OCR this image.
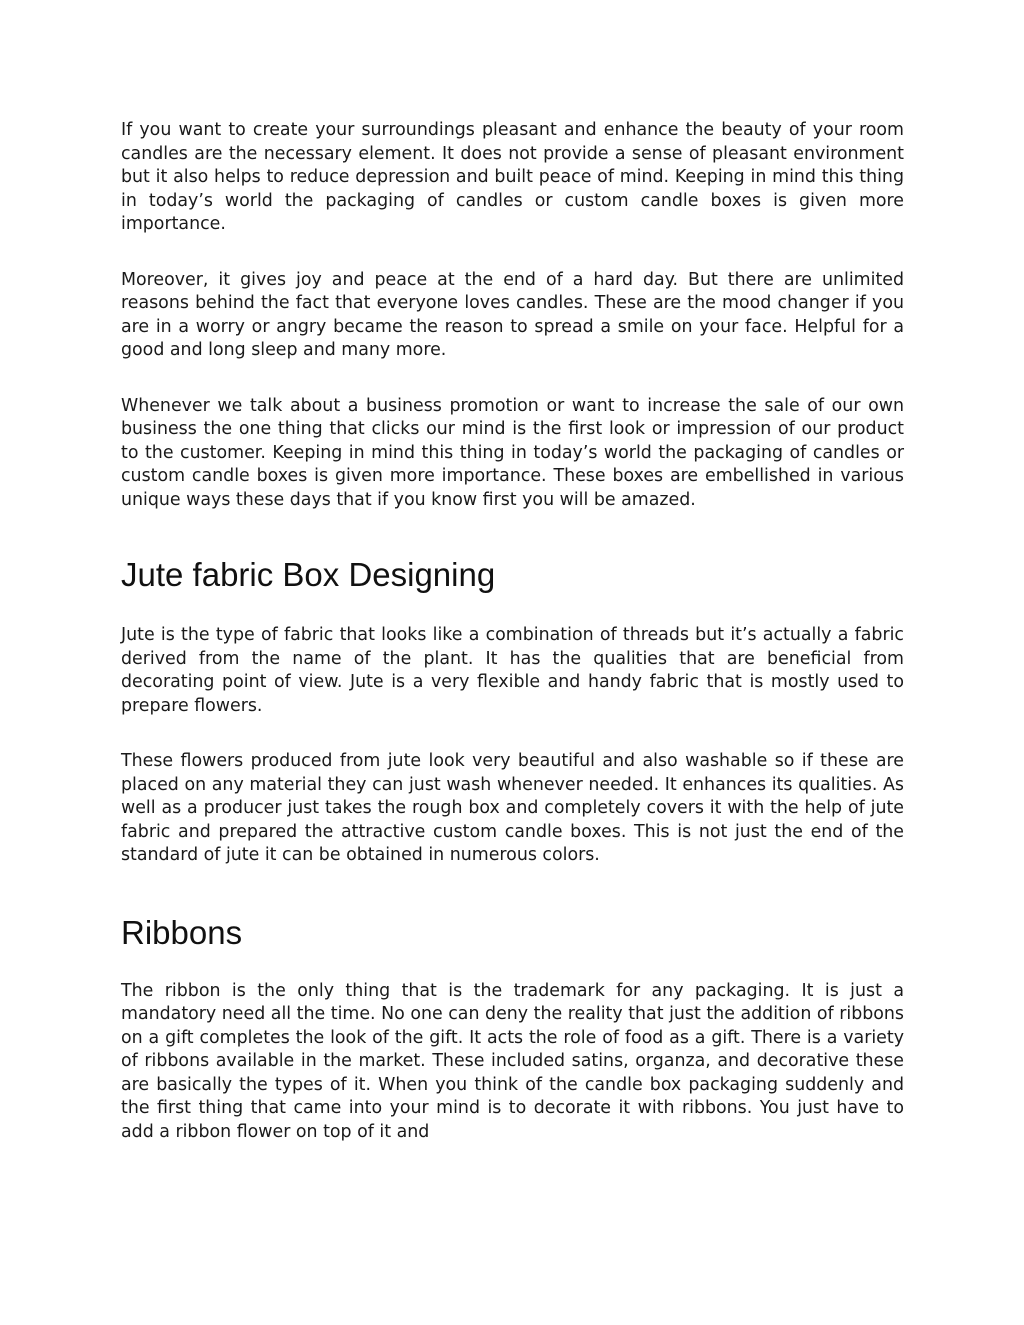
If you want to create your surroundings pleasant and enhance the beauty of your room candles are the necessary element. It does not provide a sense of pleasant environment but it also helps to reduce depression and built peace of mind. Keeping in mind this thing in today’s world the packaging of candles or custom candle boxes is given more importance.

Moreover, it gives joy and peace at the end of a hard day. But there are unlimited reasons behind the fact that everyone loves candles. These are the mood changer if you are in a worry or angry became the reason to spread a smile on your face. Helpful for a good and long sleep and many more.

Whenever we talk about a business promotion or want to increase the sale of our own business the one thing that clicks our mind is the first look or impression of our product to the customer. Keeping in mind this thing in today’s world the packaging of candles or custom candle boxes is given more importance. These boxes are embellished in various unique ways these days that if you know first you will be amazed.

Jute fabric Box Designing

Jute is the type of fabric that looks like a combination of threads but it’s actually a fabric derived from the name of the plant. It has the qualities that are beneficial from decorating point of view. Jute is a very flexible and handy fabric that is mostly used to prepare flowers.

These flowers produced from jute look very beautiful and also washable so if these are placed on any material they can just wash whenever needed. It enhances its qualities. As well as a producer just takes the rough box and completely covers it with the help of jute fabric and prepared the attractive custom candle boxes. This is not just the end of the standard of jute it can be obtained in numerous colors.

Ribbons

The ribbon is the only thing that is the trademark for any packaging. It is just a mandatory need all the time. No one can deny the reality that just the addition of ribbons on a gift completes the look of the gift. It acts the role of food as a gift. There is a variety of ribbons available in the market. These included satins, organza, and decorative these are basically the types of it. When you think of the candle box packaging suddenly and the first thing that came into your mind is to decorate it with ribbons. You just have to add a ribbon flower on top of it and
